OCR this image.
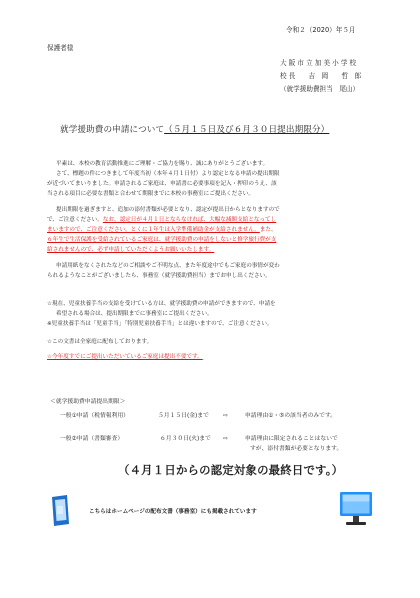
令和２（2020）年５月
保護者様
大 阪 市 立 加 美 小 学 校
校 長　　吉　岡　　哲　郎
（就学援助費担当　尾山）
就学援助費の申請について（５月１５日及び６月３０日提出期限分）
平素は、本校の教育活動推進にご理解・ご協力を賜り、誠にありがとうございます。
さて、標題の件につきまして年度当初（本年４月１日付）より認定となる申請の提出期限
が近づいてまいりました。申請されるご家庭は、申請書に必要事項を記入・押印のうえ、該
当される項目に必要な書類と合わせて期限までに本校の事務室にご提出ください。
提出期限を過ぎますと、追加の添付書類が必要となり、認定が提出日からとなりますので
で、ご注意ください。なお、認定日が４月１日とならなければ、大幅な減額支給となってし
まいますので、ご注意ください。とくに１年生は入学準備補助金が支給されません。また、
６年生で生活保護を受給されているご家庭は、就学援助費の申請をしないと修学旅行費が支
給されませんので、必ず申請していただくようお願いいたします。
申請用紙をなくされたなどのご相談やご不明な点、また年度途中でもご家庭の事情が変わ
られるようなことがございましたら、事務室（就学援助費担当）までお申し出ください。
☆現在、児童扶養手当の支給を受けている方は、就学援助費の申請ができますので、申請を
希望される場合は、提出期限までに事務室にご提出ください。
※児童扶養手当は「児童手当」「特別児童扶養手当」とは違いますので、ご注意ください。
☆この文書は全家庭に配布しております。
☆今年度すでにご提出いただいているご家庭は提出不要です。
＜就学援助費申請提出期限＞
一般①申請（税情報利用）	５月１５日(金)まで ⇨	申請理由①・⑤の該当者のみです。
一般②申請（書類審査）	６月３０日(火)まで ⇨	申請理由に限定されることはないで
すが、添付書類が必要となります。
（４月１日からの認定対象の最終日です。）
こちらはホームページの配布文書（事務室）にも掲載されています
